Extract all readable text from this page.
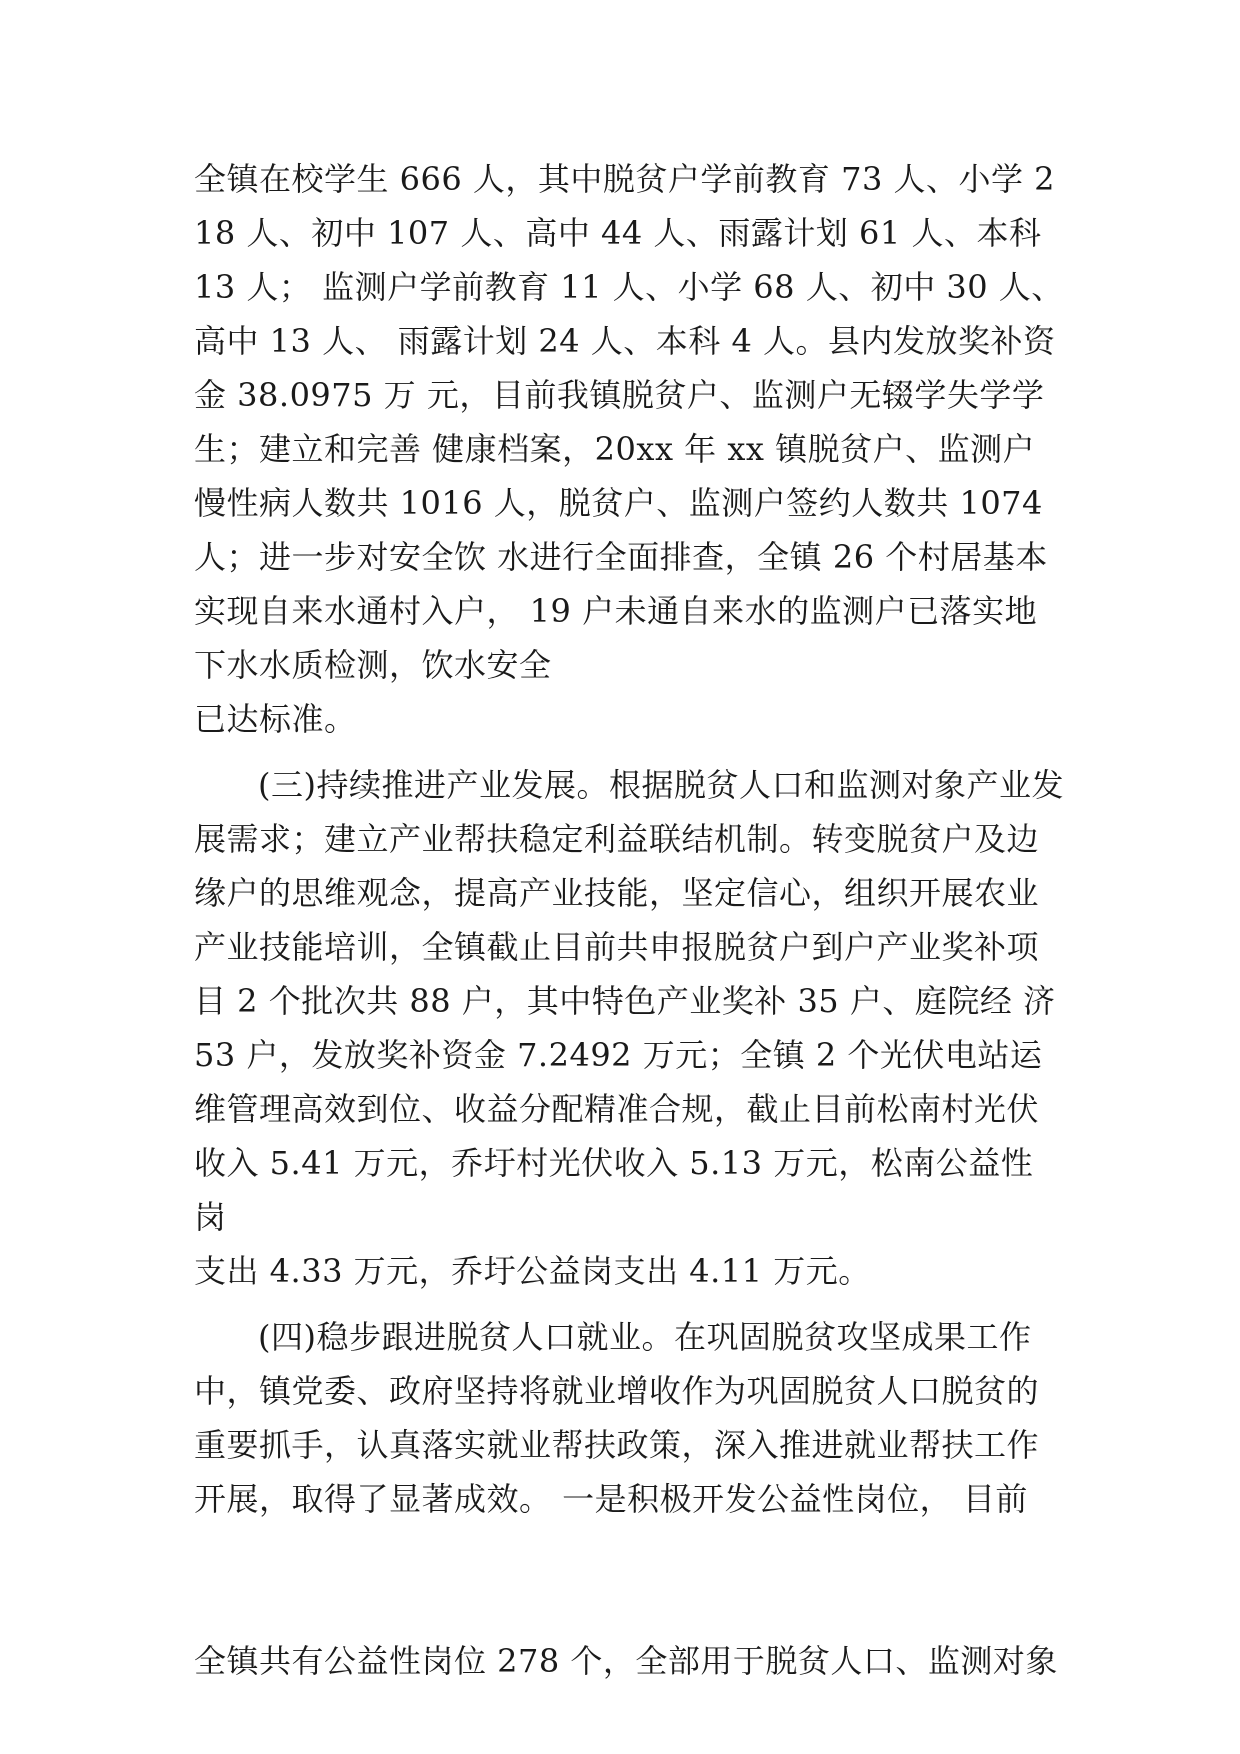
全镇在校学生 666 人，其中脱贫户学前教育 73 人、小学 218 人、初中 107 人、高中 44 人、雨露计划 61 人、本科 13 人； 监测户学前教育 11 人、小学 68 人、初中 30 人、高中 13 人、 雨露计划 24 人、本科 4 人。县内发放奖补资金 38.0975 万 元，目前我镇脱贫户、监测户无辍学失学学生；建立和完善 健康档案，20xx 年 xx 镇脱贫户、监测户慢性病人数共 1016 人，脱贫户、监测户签约人数共 1074 人；进一步对安全饮 水进行全面排查，全镇 26 个村居基本实现自来水通村入户， 19 户未通自来水的监测户已落实地下水水质检测，饮水安全

已达标准。

(三)持续推进产业发展。根据脱贫人口和监测对象产业发展需求；建立产业帮扶稳定利益联结机制。转变脱贫户及边缘户的思维观念，提高产业技能，坚定信心，组织开展农业产业技能培训，全镇截止目前共申报脱贫户到户产业奖补项目 2 个批次共 88 户，其中特色产业奖补 35 户、庭院经 济 53 户，发放奖补资金 7.2492 万元；全镇 2 个光伏电站运 维管理高效到位、收益分配精准合规，截止目前松南村光伏 收入 5.41 万元，乔圩村光伏收入 5.13 万元，松南公益性岗

支出 4.33 万元，乔圩公益岗支出 4.11 万元。

(四)稳步跟进脱贫人口就业。在巩固脱贫攻坚成果工作中，镇党委、政府坚持将就业增收作为巩固脱贫人口脱贫的重要抓手，认真落实就业帮扶政策，深入推进就业帮扶工作开展，取得了显著成效。 一是积极开发公益性岗位， 目前

全镇共有公益性岗位 278 个，全部用于脱贫人口、监测对象
